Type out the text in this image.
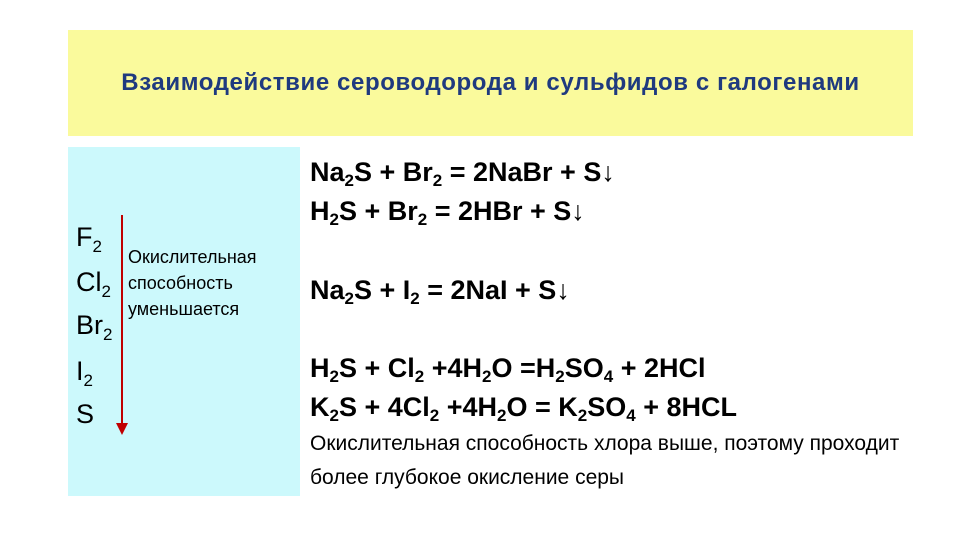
Взаимодействие сероводорода и сульфидов с галогенами
$F_2$
$Cl_2$
$Br_2$
$I_2$
S
Окислительная
способность
уменьшается
$Na_2S + Br_2$ = 2NaBr + S↓
$H_2S + Br_2 = 2HBr$ + S↓
$Na_2S + I_2 = 2NaI$ + S↓
$H_2S + Cl_2 +4H_2O =H_2SO_4 + 2HCl$
$K_2S + 4Cl_2 +4H_2O = K_2SO_4 + 8HCL$
Окислительная способность хлора выше, поэтому проходит более глубокое окисление серы
